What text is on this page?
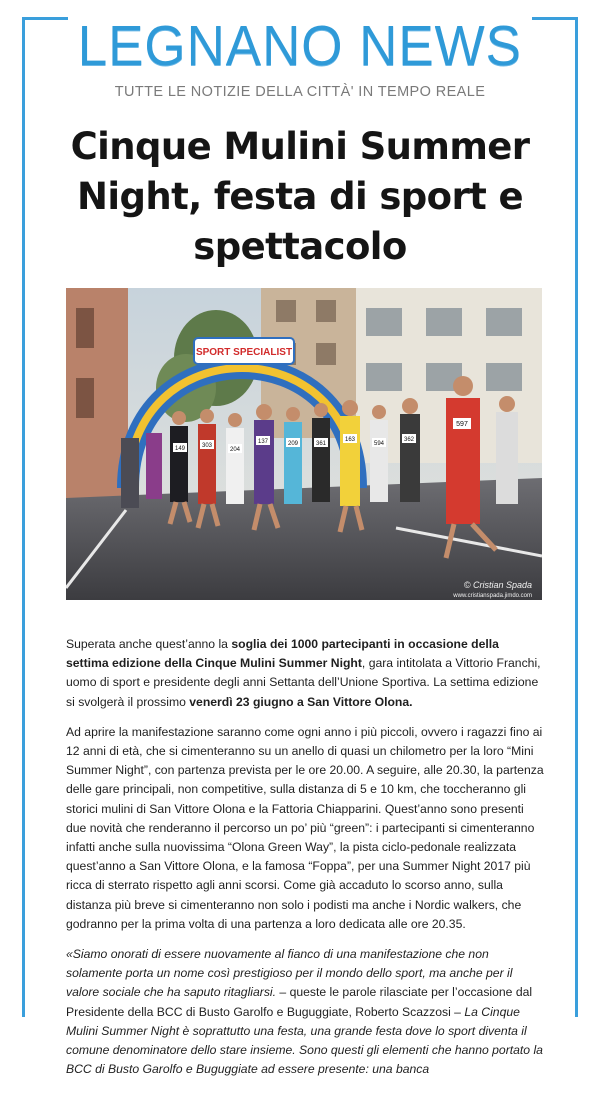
LEGNANO NEWS
TUTTE LE NOTIZIE DELLA CITTÀ' IN TEMPO REALE
Cinque Mulini Summer Night, festa di sport e spettacolo
SPORT SPECIALIST
149
137	209
204
163
597
594
361
362
303
© Cristian Spada
www.cristianspada.jimdo.com

Superata anche quest’anno la soglia dei 1000 partecipanti in occasione della settima edizione della Cinque Mulini Summer Night, gara intitolata a Vittorio Franchi, uomo di sport e presidente degli anni Settanta dell’Unione Sportiva. La settima edizione si svolgerà il prossimo venerdì 23 giugno a San Vittore Olona.

Ad aprire la manifestazione saranno come ogni anno i più piccoli, ovvero i ragazzi fino ai 12 anni di età, che si cimenteranno su un anello di quasi un chilometro per la loro “Mini Summer Night”, con partenza prevista per le ore 20.00. A seguire, alle 20.30, la partenza delle gare principali, non competitive, sulla distanza di 5 e 10 km, che toccheranno gli storici mulini di San Vittore Olona e la Fattoria Chiapparini. Quest’anno sono presenti due novità che renderanno il percorso un po’ più “green”: i partecipanti si cimenteranno infatti anche sulla nuovissima “Olona Green Way”, la pista ciclo-pedonale realizzata quest’anno a San Vittore Olona, e la famosa “Foppa”, per una Summer Night 2017 più ricca di sterrato rispetto agli anni scorsi. Come già accaduto lo scorso anno, sulla distanza più breve si cimenteranno non solo i podisti ma anche i Nordic walkers, che godranno per la prima volta di una partenza a loro dedicata alle ore 20.35.

«Siamo onorati di essere nuovamente al fianco di una manifestazione che non solamente porta un nome così prestigioso per il mondo dello sport, ma anche per il valore sociale che ha saputo ritagliarsi. – queste le parole rilasciate per l’occasione dal Presidente della BCC di Busto Garolfo e Buguggiate, Roberto Scazzosi – La Cinque Mulini Summer Night è soprattutto una festa, una grande festa dove lo sport diventa il comune denominatore dello stare insieme. Sono questi gli elementi che hanno portato la BCC di Busto Garolfo e Buguggiate ad essere presente: una banca
